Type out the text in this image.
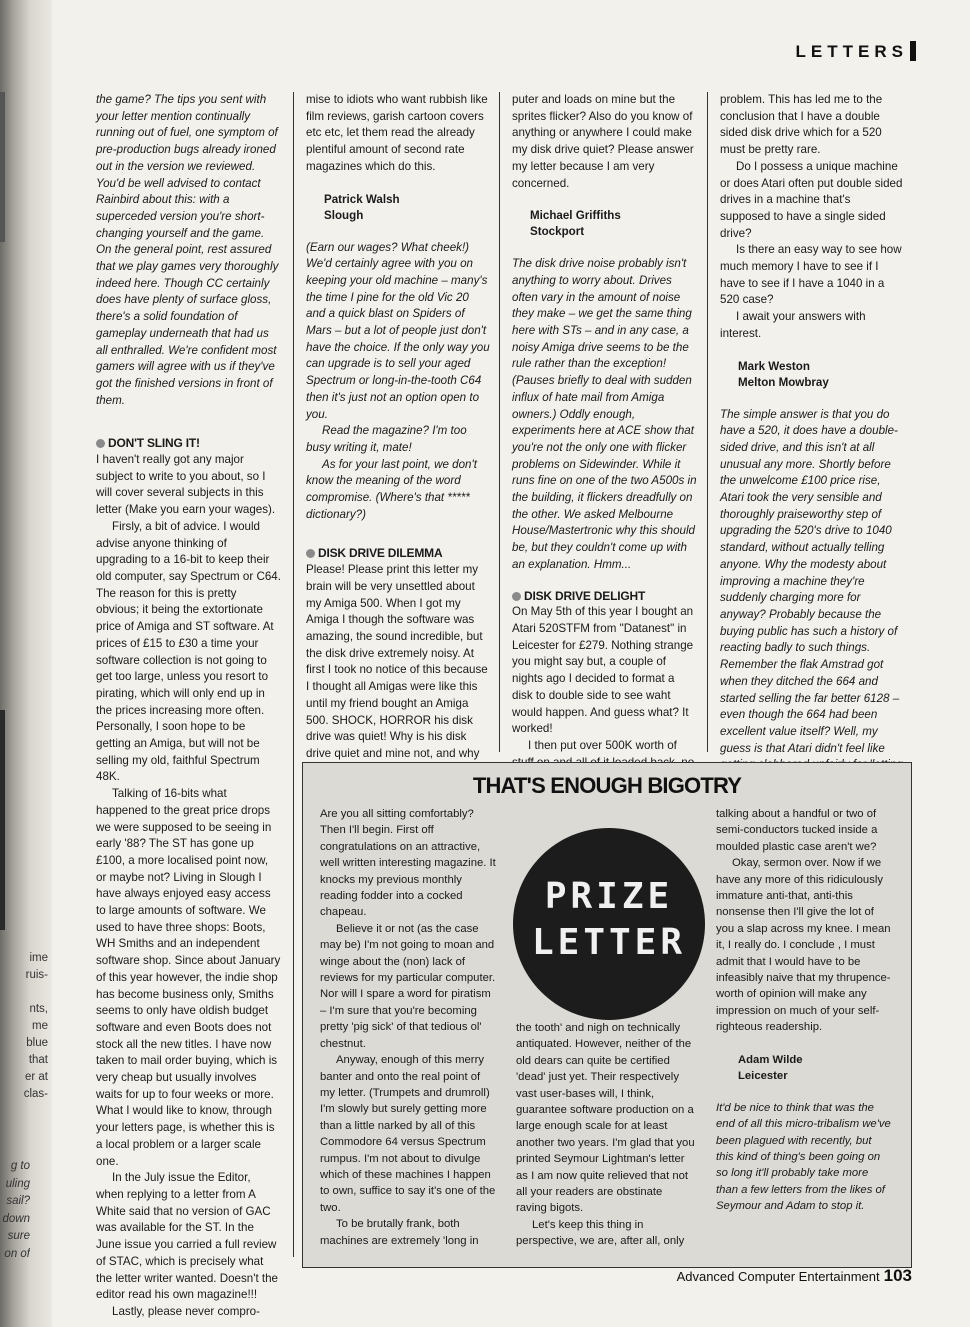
ime
ruis-

nts,
me
blue
that
er at
clas-
g to
uling
sail?
down
sure
on of
LETTERS

the game? The tips you sent with your letter mention continually running out of fuel, one symptom of pre-production bugs already ironed out in the version we reviewed. You'd be well advised to contact Rainbird about this: with a superceded version you're short-changing yourself and the game. On the general point, rest assured that we play games very thoroughly indeed here. Though CC certainly does have plenty of surface gloss, there's a solid foundation of gameplay underneath that had us all enthralled. We're confident most gamers will agree with us if they've got the finished versions in front of them.

DON'T SLING IT!

I haven't really got any major subject to write to you about, so I will cover several subjects in this letter (Make you earn your wages).

Firsly, a bit of advice. I would advise anyone thinking of upgrading to a 16-bit to keep their old computer, say Spectrum or C64. The reason for this is pretty obvious; it being the extortionate price of Amiga and ST software. At prices of £15 to £30 a time your software collection is not going to get too large, unless you resort to pirating, which will only end up in the prices increasing more often. Personally, I soon hope to be getting an Amiga, but will not be selling my old, faithful Spectrum 48K.

Talking of 16-bits what happened to the great price drops we were supposed to be seeing in early '88? The ST has gone up £100, a more localised point now, or maybe not? Living in Slough I have always enjoyed easy access to large amounts of software. We used to have three shops: Boots, WH Smiths and an independent software shop. Since about January of this year however, the indie shop has become business only, Smiths seems to only have oldish budget software and even Boots does not stock all the new titles. I have now taken to mail order buying, which is very cheap but usually involves waits for up to four weeks or more. What I would like to know, through your letters page, is whether this is a local problem or a larger scale one.

In the July issue the Editor, when replying to a letter from A White said that no version of GAC was available for the ST. In the June issue you carried a full review of STAC, which is precisely what the letter writer wanted. Doesn't the editor read his own magazine!!!

Lastly, please never compro-

mise to idiots who want rubbish like film reviews, garish cartoon covers etc etc, let them read the already plentiful amount of second rate magazines which do this.

Patrick Walsh
Slough

(Earn our wages? What cheek!) We'd certainly agree with you on keeping your old machine – many's the time I pine for the old Vic 20 and a quick blast on Spiders of Mars – but a lot of people just don't have the choice. If the only way you can upgrade is to sell your aged Spectrum or long-in-the-tooth C64 then it's just not an option open to you.

Read the magazine? I'm too busy writing it, mate!

As for your last point, we don't know the meaning of the word compromise. (Where's that ***** dictionary?)

DISK DRIVE DILEMMA

Please! Please print this letter my brain will be very unsettled about my Amiga 500. When I got my Amiga I though the software was amazing, the sound incredible, but the disk drive extremely noisy. At first I took no notice of this because I thought all Amigas were like this until my friend bought an Amiga 500. SHOCK, HORROR his disk drive was quiet! Why is his disk drive quiet and mine not, and why

puter and loads on mine but the sprites flicker? Also do you know of anything or anywhere I could make my disk drive quiet? Please answer my letter because I am very concerned.

Michael Griffiths
Stockport

The disk drive noise probably isn't anything to worry about. Drives often vary in the amount of noise they make – we get the same thing here with STs – and in any case, a noisy Amiga drive seems to be the rule rather than the exception! (Pauses briefly to deal with sudden influx of hate mail from Amiga owners.) Oddly enough, experiments here at ACE show that you're not the only one with flicker problems on Sidewinder. While it runs fine on one of the two A500s in the building, it flickers dreadfully on the other. We asked Melbourne House/Mastertronic why this should be, but they couldn't come up with an explanation. Hmm...

DISK DRIVE DELIGHT

On May 5th of this year I bought an Atari 520STFM from "Datanest" in Leicester for £279. Nothing strange you might say but, a couple of nights ago I decided to format a disk to double side to see waht would happen. And guess what? It worked!

I then put over 500K worth of

problem. This has led me to the conclusion that I have a double sided disk drive which for a 520 must be pretty rare.

Do I possess a unique machine or does Atari often put double sided drives in a machine that's supposed to have a single sided drive?

Is there an easy way to see how much memory I have to see if I have to see if I have a 1040 in a 520 case?

I await your answers with interest.

Mark Weston
Melton Mowbray

The simple answer is that you do have a 520, it does have a double-sided drive, and this isn't at all unusual any more. Shortly before the unwelcome £100 price rise, Atari took the very sensible and thoroughly praiseworthy step of upgrading the 520's drive to 1040 standard, without actually telling anyone. Why the modesty about improving a machine they're suddenly charging more for anyway? Probably because the buying public has such a history of reacting badly to such things. Remember the flak Amstrad got when they ditched the 664 and started selling the far better 6128 – even though the 664 had been excellent value itself? Well, my guess is that Atari didn't feel like

THAT'S ENOUGH BIGOTRY
PRIZE
LETTER

Are you all sitting comfortably? Then I'll begin. First off congratulations on an attractive, well written interesting magazine. It knocks my previous monthly reading fodder into a cocked chapeau.

Believe it or not (as the case may be) I'm not going to moan and winge about the (non) lack of reviews for my particular computer. Nor will I spare a word for piratism – I'm sure that you're becoming pretty 'pig sick' of that tedious ol' chestnut.

Anyway, enough of this merry banter and onto the real point of my letter. (Trumpets and drumroll) I'm slowly but surely getting more than a little narked by all of this Commodore 64 versus Spectrum rumpus. I'm not about to divulge which of these machines I happen to own, suffice to say it's one of the two.

To be brutally frank, both machines are extremely 'long in

the tooth' and nigh on technically antiquated. However, neither of the old dears can quite be certified 'dead' just yet. Their respectively vast user-bases will, I think, guarantee software production on a large enough scale for at least another two years. I'm glad that you printed Seymour Lightman's letter as I am now quite relieved that not all your readers are obstinate raving bigots.

Let's keep this thing in perspective, we are, after all, only

talking about a handful or two of semi-conductors tucked inside a moulded plastic case aren't we?

Okay, sermon over. Now if we have any more of this ridiculously immature anti-that, anti-this nonsense then I'll give the lot of you a slap across my knee. I mean it, I really do. I conclude , I must admit that I would have to be infeasibly naive that my thrupence-worth of opinion will make any impression on much of your self- righteous readership.

Adam Wilde
Leicester

It'd be nice to think that was the end of all this micro-tribalism we've been plagued with recently, but this kind of thing's been going on so long it'll probably take more than a few letters from the likes of Seymour and Adam to stop it.

Advanced Computer Entertainment 103
